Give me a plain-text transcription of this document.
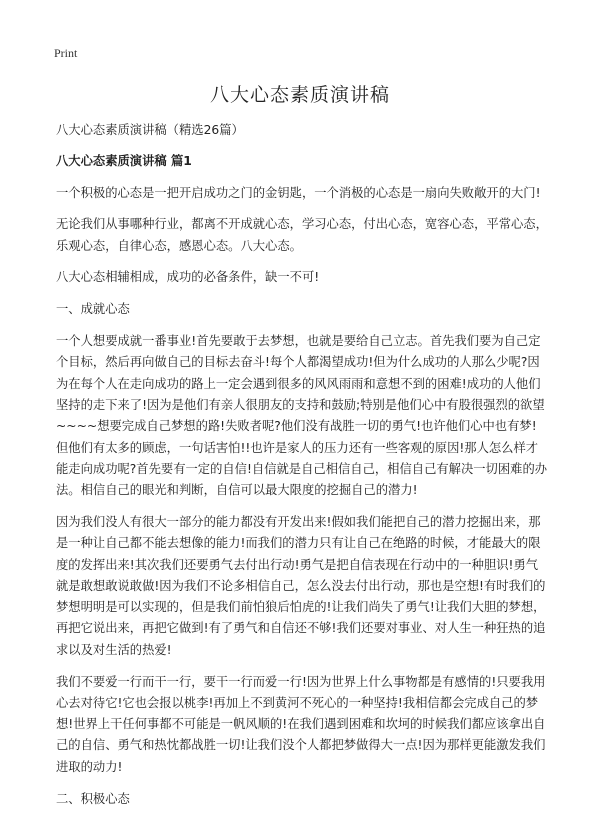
Print
八大心态素质演讲稿

八大心态素质演讲稿（精选26篇）

八大心态素质演讲稿 篇1

一个积极的心态是一把开启成功之门的金钥匙，一个消极的心态是一扇向失败敞开的大门!

无论我们从事哪种行业，都离不开成就心态，学习心态，付出心态，宽容心态，平常心态，乐观心态，自律心态，感恩心态。八大心态。

八大心态相辅相成，成功的必备条件，缺一不可!

一、成就心态

一个人想要成就一番事业!首先要敢于去梦想，也就是要给自己立志。首先我们要为自己定个目标，然后再向做自己的目标去奋斗!每个人都渴望成功!但为什么成功的人那么少呢?因为在每个人在走向成功的路上一定会遇到很多的风风雨雨和意想不到的困难!成功的人他们坚持的走下来了!因为是他们有亲人很朋友的支持和鼓励;特别是他们心中有股很强烈的欲望~~~~想要完成自己梦想的路!失败者呢?他们没有战胜一切的勇气!也许他们心中也有梦!但他们有太多的顾虑，一句话害怕!!也许是家人的压力还有一些客观的原因!那人怎么样才能走向成功呢?首先要有一定的自信!自信就是自己相信自己，相信自己有解决一切困难的办法。相信自己的眼光和判断，自信可以最大限度的挖掘自己的潜力!

因为我们没人有很大一部分的能力都没有开发出来!假如我们能把自己的潜力挖掘出来，那是一种让自己都不能去想像的能力!而我们的潜力只有让自己在绝路的时候，才能最大的限度的发挥出来!其次我们还要勇气去付出行动!勇气是把自信表现在行动中的一种胆识!勇气就是敢想敢说敢做!因为我们不论多相信自己，怎么没去付出行动，那也是空想!有时我们的梦想明明是可以实现的，但是我们前怕狼后怕虎的!让我们尚失了勇气!让我们大胆的梦想，再把它说出来，再把它做到!有了勇气和自信还不够!我们还要对事业、对人生一种狂热的追求以及对生活的热爱!

我们不要爱一行而干一行，要干一行而爱一行!因为世界上什么事物都是有感情的!只要我用心去对待它!它也会报以桃李!再加上不到黄河不死心的一种坚持!我相信都会完成自己的梦想!世界上干任何事都不可能是一帆风顺的!在我们遇到困难和坎坷的时候我们都应该拿出自己的自信、勇气和热忱都战胜一切!让我们没个人都把梦做得大一点!因为那样更能激发我们进取的动力!

二、积极心态
